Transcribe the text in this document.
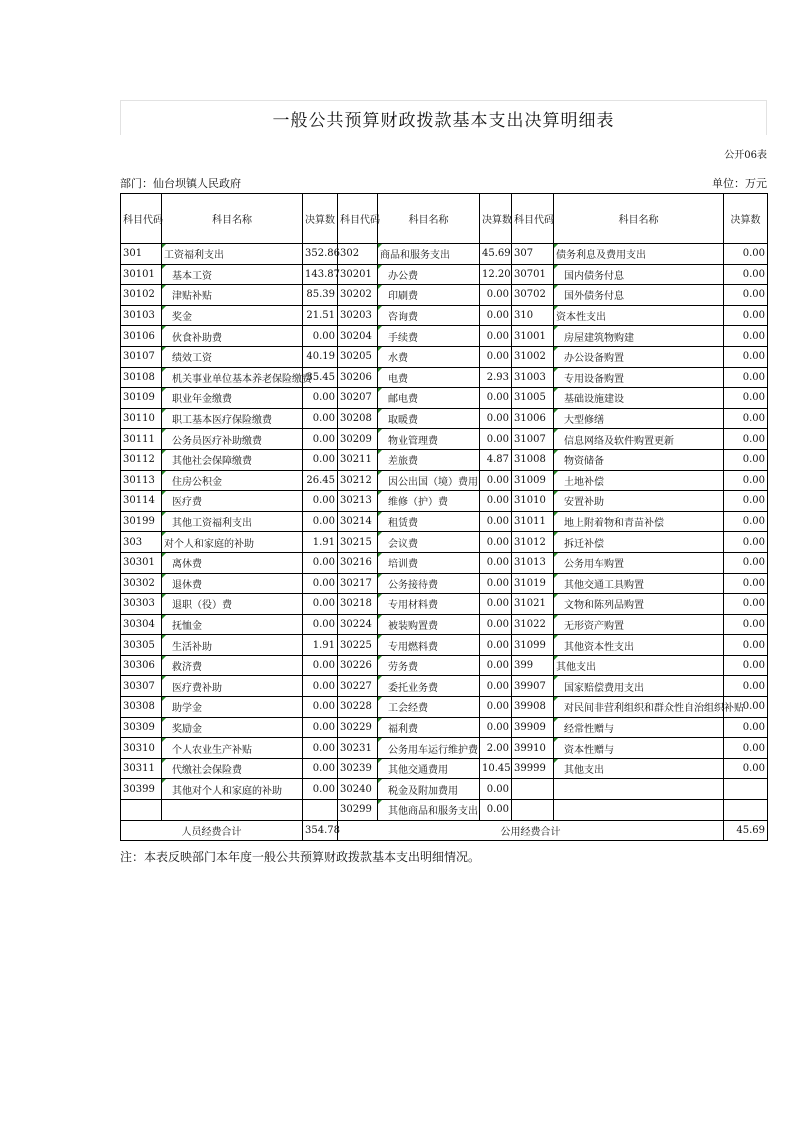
一般公共预算财政拨款基本支出决算明细表
部门：仙台坝镇人民政府	单位：万元
科目代码	科目名称	决算数	科目代码	科目名称	决算数	科目代码	科目名称	决算数
301	工资福利支出	352.86	302	商品和服务支出	45.69	307	债务利息及费用支出	0.00
30101	基本工资	143.87	30201	办公费	12.20	30701	国内债务付息	0.00
30102	津贴补贴	85.39	30202	印刷费	0.00	30702	国外债务付息	0.00
30103	奖金	21.51	30203	咨询费	0.00	310	资本性支出	0.00
30106	伙食补助费	0.00	30204	手续费	0.00	31001	房屋建筑物购建	0.00
30107	绩效工资	40.19	30205	水费	0.00	31002	办公设备购置	0.00
30108	机关事业单位基本养老保险缴费	35.45	30206	电费	2.93	31003	专用设备购置	0.00
30109	职业年金缴费	0.00	30207	邮电费	0.00	31005	基础设施建设	0.00
30110	职工基本医疗保险缴费	0.00	30208	取暖费	0.00	31006	大型修缮	0.00
30111	公务员医疗补助缴费	0.00	30209	物业管理费	0.00	31007	信息网络及软件购置更新	0.00
30112	其他社会保障缴费	0.00	30211	差旅费	4.87	31008	物资储备	0.00
30113	住房公积金	26.45	30212	因公出国（境）费用	0.00	31009	土地补偿	0.00
30114	医疗费	0.00	30213	维修（护）费	0.00	31010	安置补助	0.00
30199	其他工资福利支出	0.00	30214	租赁费	0.00	31011	地上附着物和青苗补偿	0.00
303	对个人和家庭的补助	1.91	30215	会议费	0.00	31012	拆迁补偿	0.00
30301	离休费	0.00	30216	培训费	0.00	31013	公务用车购置	0.00
30302	退休费	0.00	30217	公务接待费	0.00	31019	其他交通工具购置	0.00
30303	退职（役）费	0.00	30218	专用材料费	0.00	31021	文物和陈列品购置	0.00
30304	抚恤金	0.00	30224	被装购置费	0.00	31022	无形资产购置	0.00
30305	生活补助	1.91	30225	专用燃料费	0.00	31099	其他资本性支出	0.00
30306	救济费	0.00	30226	劳务费	0.00	399	其他支出	0.00
30307	医疗费补助	0.00	30227	委托业务费	0.00	39907	国家赔偿费用支出	0.00
30308	助学金	0.00	30228	工会经费	0.00	39908	对民间非营利组织和群众性自治组织补贴	0.00
30309	奖励金	0.00	30229	福利费	0.00	39909	经常性赠与	0.00
30310	个人农业生产补贴	0.00	30231	公务用车运行维护费	2.00	39910	资本性赠与	0.00
30311	代缴社会保险费	0.00	30239	其他交通费用	10.45	39999	其他支出	0.00
30399	其他对个人和家庭的补助	0.00	30240	税金及附加费用	0.00			
			30299	其他商品和服务支出	0.00			
人员经费合计		354.78	公用经费合计					45.69
公开06表
注：本表反映部门本年度一般公共预算财政拨款基本支出明细情况。
